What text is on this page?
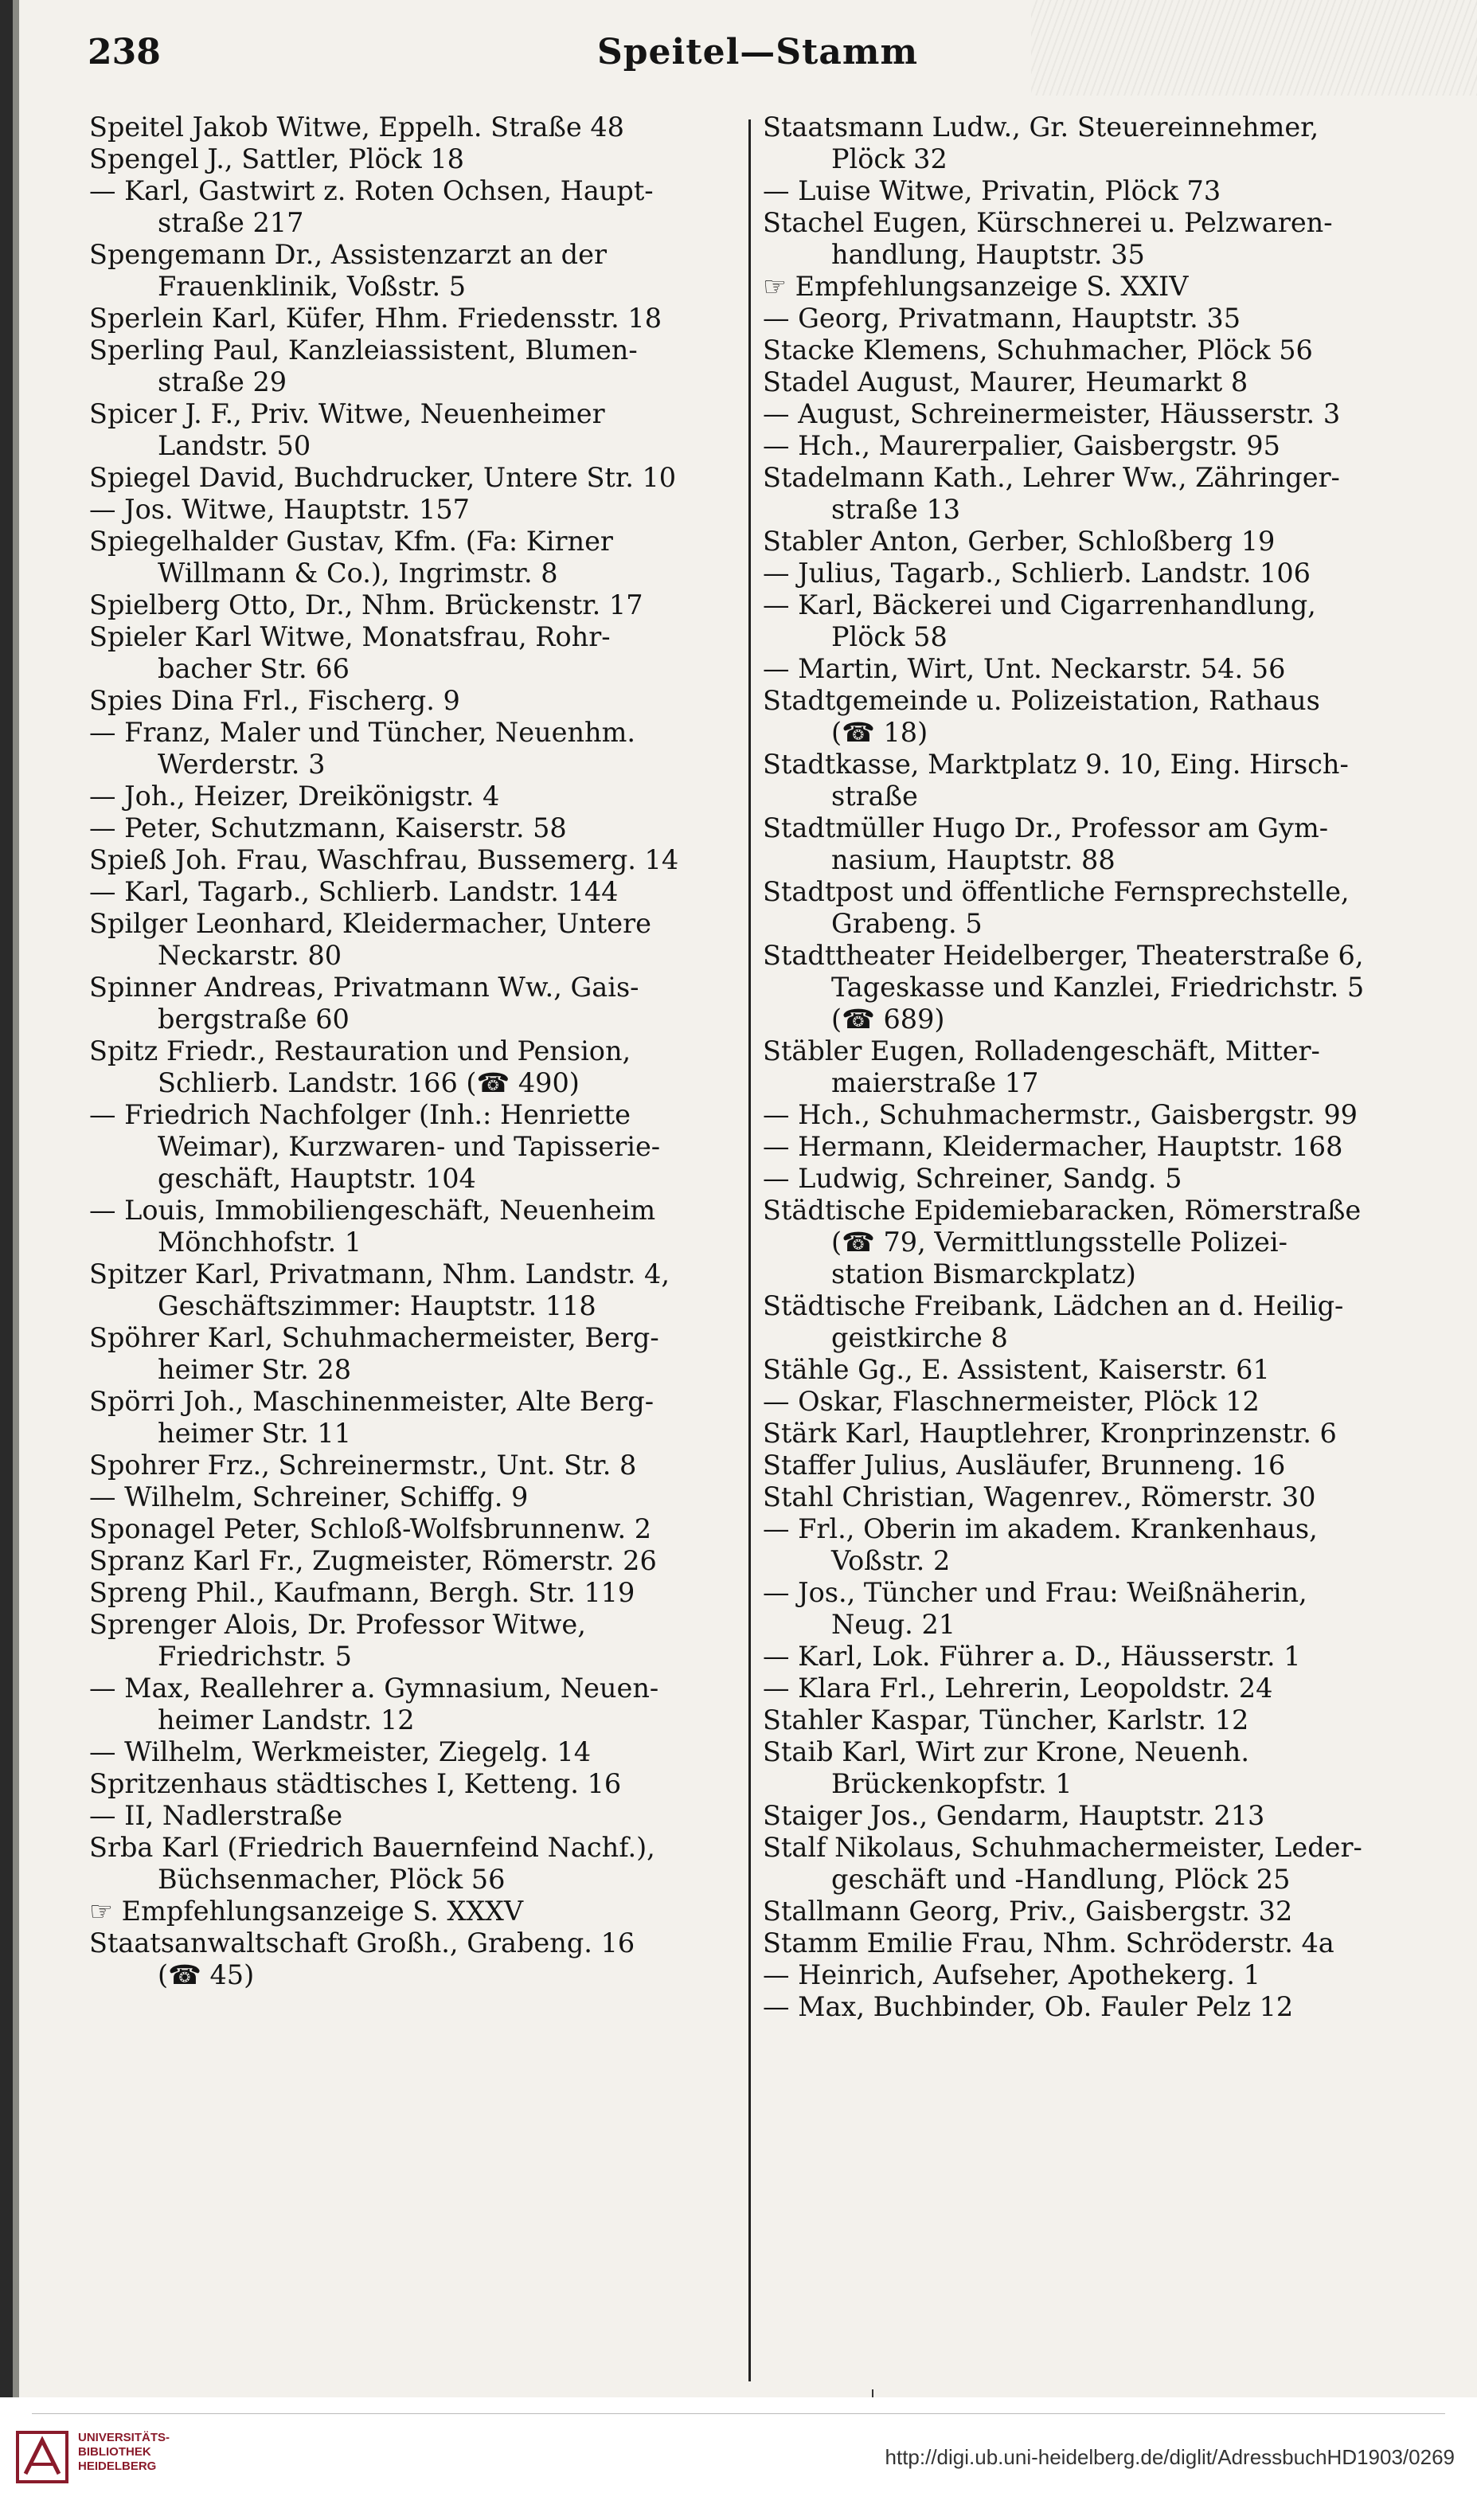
238	Speitel—Stamm
Speitel Jakob Witwe, Eppelh. Straße 48
Spengel J., Sattler, Plöck 18
— Karl, Gastwirt z. Roten Ochsen, Haupt-
straße 217
Spengemann Dr., Assistenzarzt an der
Frauenklinik, Voßstr. 5
Sperlein Karl, Küfer, Hhm. Friedensstr. 18
Sperling Paul, Kanzleiassistent, Blumen-
straße 29
Spicer J. F., Priv. Witwe, Neuenheimer
Landstr. 50
Spiegel David, Buchdrucker, Untere Str. 10
— Jos. Witwe, Hauptstr. 157
Spiegelhalder Gustav, Kfm. (Fa: Kirner
Willmann & Co.), Ingrimstr. 8
Spielberg Otto, Dr., Nhm. Brückenstr. 17
Spieler Karl Witwe, Monatsfrau, Rohr-
bacher Str. 66
Spies Dina Frl., Fischerg. 9
— Franz, Maler und Tüncher, Neuenhm.
Werderstr. 3
— Joh., Heizer, Dreikönigstr. 4
— Peter, Schutzmann, Kaiserstr. 58
Spieß Joh. Frau, Waschfrau, Bussemerg. 14
— Karl, Tagarb., Schlierb. Landstr. 144
Spilger Leonhard, Kleidermacher, Untere
Neckarstr. 80
Spinner Andreas, Privatmann Ww., Gais-
bergstraße 60
Spitz Friedr., Restauration und Pension,
Schlierb. Landstr. 166 (☎ 490)
— Friedrich Nachfolger (Inh.: Henriette
Weimar), Kurzwaren- und Tapisserie-
geschäft, Hauptstr. 104
— Louis, Immobiliengeschäft, Neuenheim
Mönchhofstr. 1
Spitzer Karl, Privatmann, Nhm. Landstr. 4,
Geschäftszimmer: Hauptstr. 118
Spöhrer Karl, Schuhmachermeister, Berg-
heimer Str. 28
Spörri Joh., Maschinenmeister, Alte Berg-
heimer Str. 11
Spohrer Frz., Schreinermstr., Unt. Str. 8
— Wilhelm, Schreiner, Schiffg. 9
Sponagel Peter, Schloß-Wolfsbrunnenw. 2
Spranz Karl Fr., Zugmeister, Römerstr. 26
Spreng Phil., Kaufmann, Bergh. Str. 119
Sprenger Alois, Dr. Professor Witwe,
Friedrichstr. 5
— Max, Reallehrer a. Gymnasium, Neuen-
heimer Landstr. 12
— Wilhelm, Werkmeister, Ziegelg. 14
Spritzenhaus städtisches I, Ketteng. 16
— II, Nadlerstraße
Srba Karl (Friedrich Bauernfeind Nachf.),
Büchsenmacher, Plöck 56
☞ Empfehlungsanzeige S. XXXV
Staatsanwaltschaft Großh., Grabeng. 16
(☎ 45)
Staatsmann Ludw., Gr. Steuereinnehmer,
Plöck 32
— Luise Witwe, Privatin, Plöck 73
Stachel Eugen, Kürschnerei u. Pelzwaren-
handlung, Hauptstr. 35
☞ Empfehlungsanzeige S. XXIV
— Georg, Privatmann, Hauptstr. 35
Stacke Klemens, Schuhmacher, Plöck 56
Stadel August, Maurer, Heumarkt 8
— August, Schreinermeister, Häusserstr. 3
— Hch., Maurerpalier, Gaisbergstr. 95
Stadelmann Kath., Lehrer Ww., Zähringer-
straße 13
Stabler Anton, Gerber, Schloßberg 19
— Julius, Tagarb., Schlierb. Landstr. 106
— Karl, Bäckerei und Cigarrenhandlung,
Plöck 58
— Martin, Wirt, Unt. Neckarstr. 54. 56
Stadtgemeinde u. Polizeistation, Rathaus
(☎ 18)
Stadtkasse, Marktplatz 9. 10, Eing. Hirsch-
straße
Stadtmüller Hugo Dr., Professor am Gym-
nasium, Hauptstr. 88
Stadtpost und öffentliche Fernsprechstelle,
Grabeng. 5
Stadttheater Heidelberger, Theaterstraße 6,
Tageskasse und Kanzlei, Friedrichstr. 5
(☎ 689)
Stäbler Eugen, Rolladengeschäft, Mitter-
maierstraße 17
— Hch., Schuhmachermstr., Gaisbergstr. 99
— Hermann, Kleidermacher, Hauptstr. 168
— Ludwig, Schreiner, Sandg. 5
Städtische Epidemiebaracken, Römerstraße
(☎ 79, Vermittlungsstelle Polizei-
station Bismarckplatz)
Städtische Freibank, Lädchen an d. Heilig-
geistkirche 8
Stähle Gg., E. Assistent, Kaiserstr. 61
— Oskar, Flaschnermeister, Plöck 12
Stärk Karl, Hauptlehrer, Kronprinzenstr. 6
Staffer Julius, Ausläufer, Brunneng. 16
Stahl Christian, Wagenrev., Römerstr. 30
— Frl., Oberin im akadem. Krankenhaus,
Voßstr. 2
— Jos., Tüncher und Frau: Weißnäherin,
Neug. 21
— Karl, Lok. Führer a. D., Häusserstr. 1
— Klara Frl., Lehrerin, Leopoldstr. 24
Stahler Kaspar, Tüncher, Karlstr. 12
Staib Karl, Wirt zur Krone, Neuenh.
Brückenkopfstr. 1
Staiger Jos., Gendarm, Hauptstr. 213
Stalf Nikolaus, Schuhmachermeister, Leder-
geschäft und -Handlung, Plöck 25
Stallmann Georg, Priv., Gaisbergstr. 32
Stamm Emilie Frau, Nhm. Schröderstr. 4a
— Heinrich, Aufseher, Apothekerg. 1
— Max, Buchbinder, Ob. Fauler Pelz 12
UNIVERSITÄTS-
BIBLIOTHEK
HEIDELBERG	http://digi.ub.uni-heidelberg.de/diglit/AdressbuchHD1903/0269
